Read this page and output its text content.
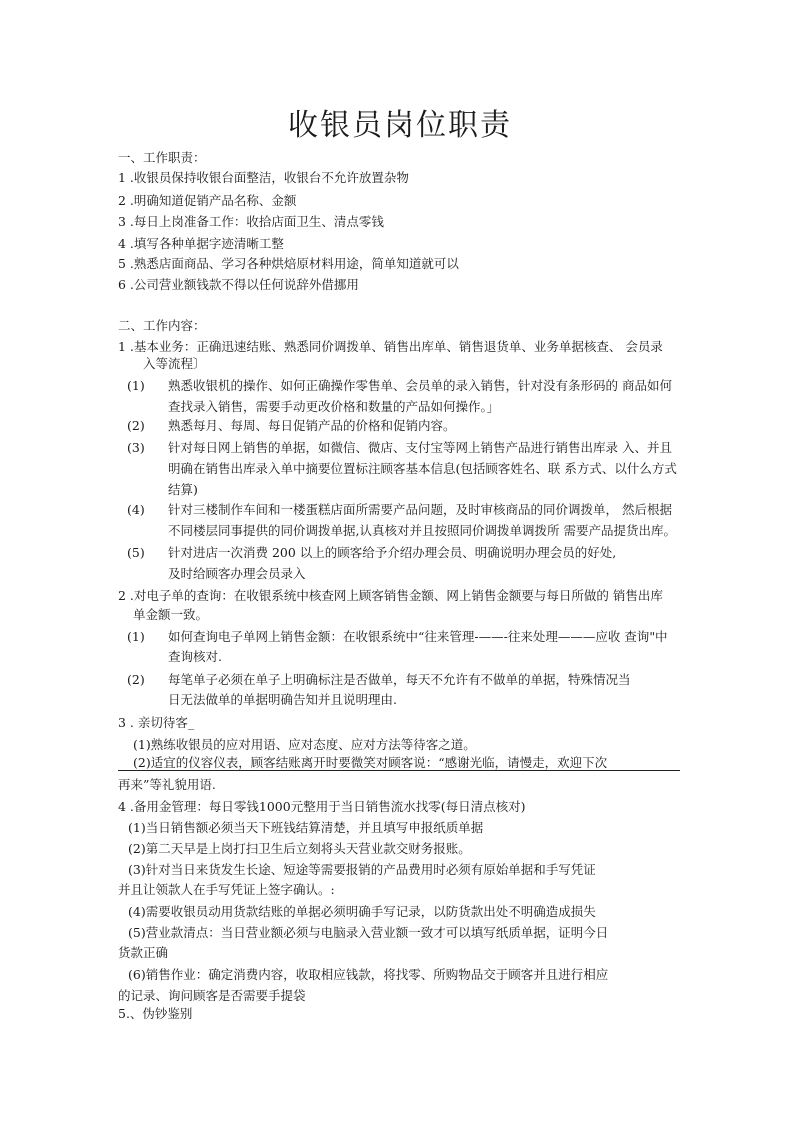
收银员岗位职责
一、工作职责：
1 .收银员保持收银台面整洁，收银台不允许放置杂物
2 .明确知道促销产品名称、金额
3 .每日上岗准备工作：收拾店面卫生、清点零钱
4 .填写各种单据字迹清晰工整
5 .熟悉店面商品、学习各种烘焙原材料用途，简单知道就可以
6 .公司营业额钱款不得以任何说辞外借挪用
二、工作内容：
1 .基本业务：正确迅速结账、熟悉同价调拨单、销售出库单、销售退货单、业务单据核查、 会员录
入等流程〕
(1) 熟悉收银机的操作、如何正确操作零售单、会员单的录入销售，针对没有条形码的 商品如何
查找录入销售，需要手动更改价格和数量的产品如何操作。」
(2) 熟悉每月、每周、每日促销产品的价格和促销内容。
(3) 针对每日网上销售的单据，如微信、微店、支付宝等网上销售产品进行销售出库录 入、并且
明确在销售出库录入单中摘要位置标注顾客基本信息(包括顾客姓名、联 系方式、以什么方式
结算)
(4) 针对三楼制作车间和一楼蛋糕店面所需要产品问题，及时审核商品的同价调拨单， 然后根据
不同楼层同事提供的同价调拨单据,认真核对并且按照同价调拨单调拨所 需要产品提货出库。
(5) 针对进店一次消费 200 以上的顾客给予介绍办理会员、明确说明办理会员的好处,
及时给顾客办理会员录入
2 .对电子单的查询：在收银系统中核查网上顾客销售金额、网上销售金额要与每日所做的 销售出库
单金额一致。
(1) 如何查询电子单网上销售金额：在收银系统中“往来管理-——-往来处理———应收 查询"中
查询核对.
(2) 每笔单子必须在单子上明确标注是否做单，每天不允许有不做单的单据，特殊情况当
日无法做单的单据明确告知并且说明理由.
3 . 亲切待客_
(1)熟练收银员的应对用语、应对态度、应对方法等待客之道。
(2)适宜的仪容仪表，顾客结账离开时要微笑对顾客说：“感谢光临，请慢走，欢迎下次
再来”等礼貌用语.
4 .备用金管理：每日零钱1000元整用于当日销售流水找零(每日清点核对)
(1)当日销售额必须当天下班钱结算清楚，并且填写申报纸质单据
(2)第二天早是上岗打扫卫生后立刻将头天营业款交财务报账。
(3)针对当日来货发生长途、短途等需要报销的产品费用时必须有原始单据和手写凭证
并且让领款人在手写凭证上签字确认。:
(4)需要收银员动用货款结账的单据必须明确手写记录，以防货款出处不明确造成损失
(5)营业款清点：当日营业额必须与电脑录入营业额一致才可以填写纸质单据，证明今日
货款正确
(6)销售作业：确定消费内容，收取相应钱款，将找零、所购物品交于顾客并且进行相应
的记录、询问顾客是否需要手提袋
5.、伪钞鉴别
